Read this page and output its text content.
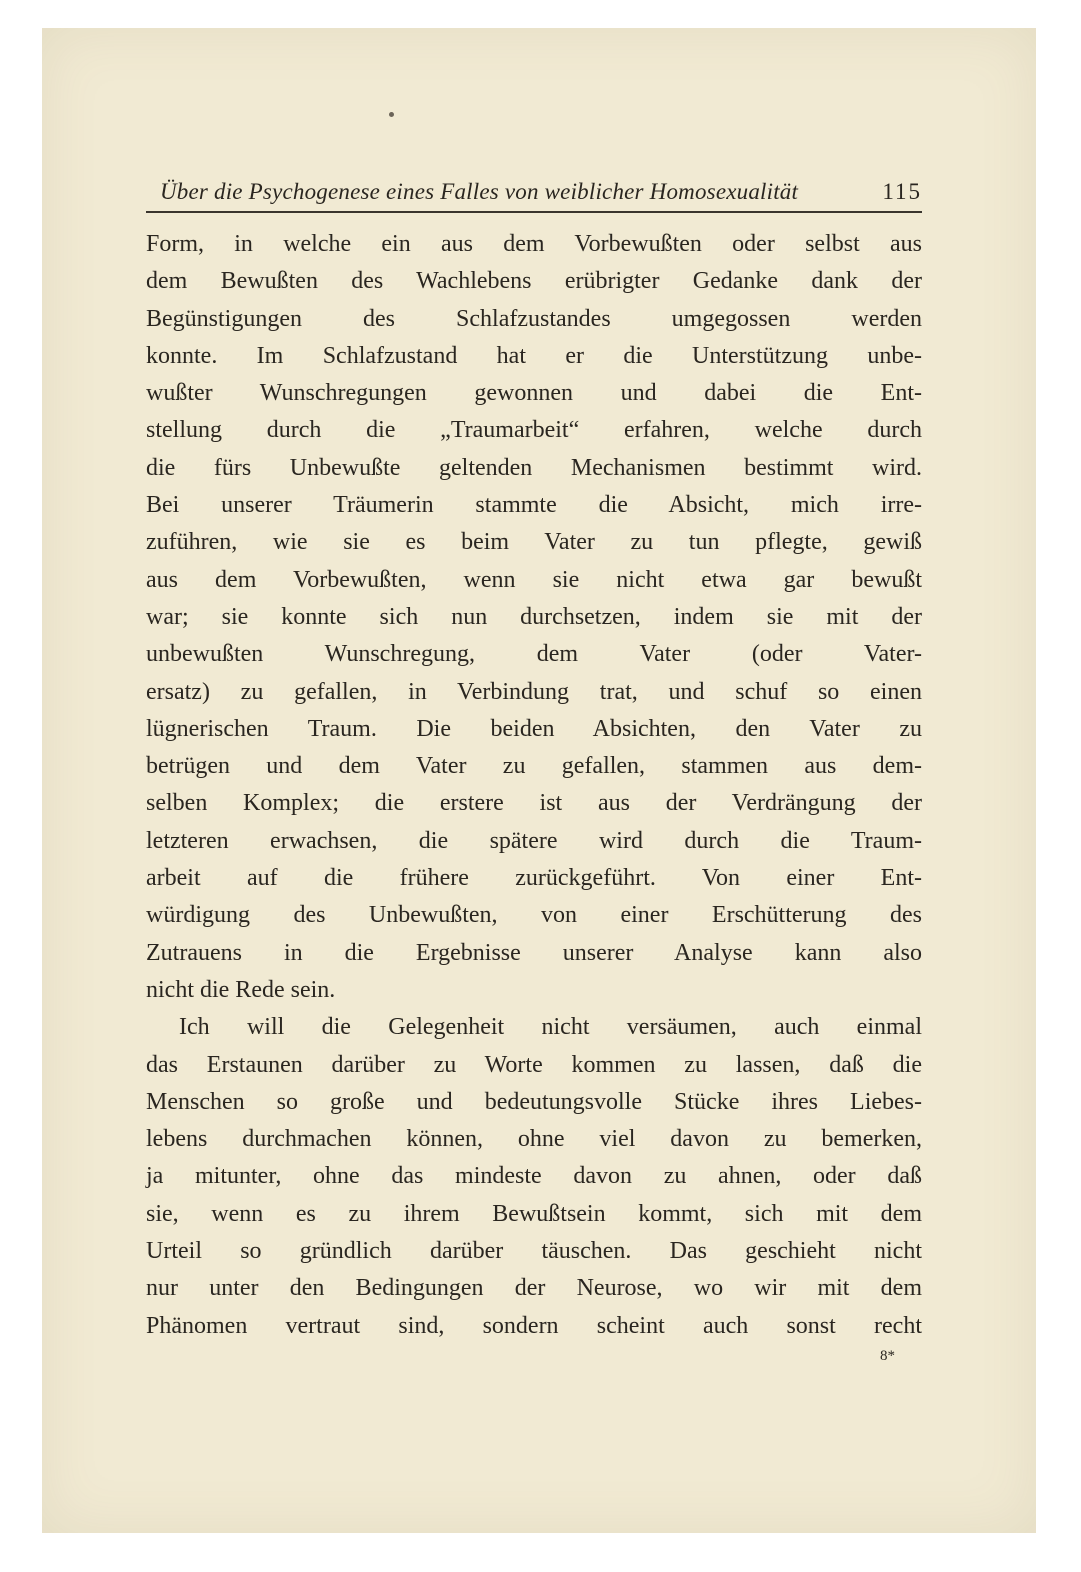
Über die Psychogenese eines Falles von weiblicher Homosexualität	115
Form, in welche ein aus dem Vorbewußten oder selbst aus
dem Bewußten des Wachlebens erübrigter Gedanke dank der
Begünstigungen des Schlafzustandes umgegossen werden
konnte. Im Schlafzustand hat er die Unterstützung unbe-
wußter Wunschregungen gewonnen und dabei die Ent-
stellung durch die „Traumarbeit“ erfahren, welche durch
die fürs Unbewußte geltenden Mechanismen bestimmt wird.
Bei unserer Träumerin stammte die Absicht, mich irre-
zuführen, wie sie es beim Vater zu tun pflegte, gewiß
aus dem Vorbewußten, wenn sie nicht etwa gar bewußt
war; sie konnte sich nun durchsetzen, indem sie mit der
unbewußten Wunschregung, dem Vater (oder Vater-
ersatz) zu gefallen, in Verbindung trat, und schuf so einen
lügnerischen Traum. Die beiden Absichten, den Vater zu
betrügen und dem Vater zu gefallen, stammen aus dem-
selben Komplex; die erstere ist aus der Verdrängung der
letzteren erwachsen, die spätere wird durch die Traum-
arbeit auf die frühere zurückgeführt. Von einer Ent-
würdigung des Unbewußten, von einer Erschütterung des
Zutrauens in die Ergebnisse unserer Analyse kann also
nicht die Rede sein.
Ich will die Gelegenheit nicht versäumen, auch einmal
das Erstaunen darüber zu Worte kommen zu lassen, daß die
Menschen so große und bedeutungsvolle Stücke ihres Liebes-
lebens durchmachen können, ohne viel davon zu bemerken,
ja mitunter, ohne das mindeste davon zu ahnen, oder daß
sie, wenn es zu ihrem Bewußtsein kommt, sich mit dem
Urteil so gründlich darüber täuschen. Das geschieht nicht
nur unter den Bedingungen der Neurose, wo wir mit dem
Phänomen vertraut sind, sondern scheint auch sonst recht
8*
